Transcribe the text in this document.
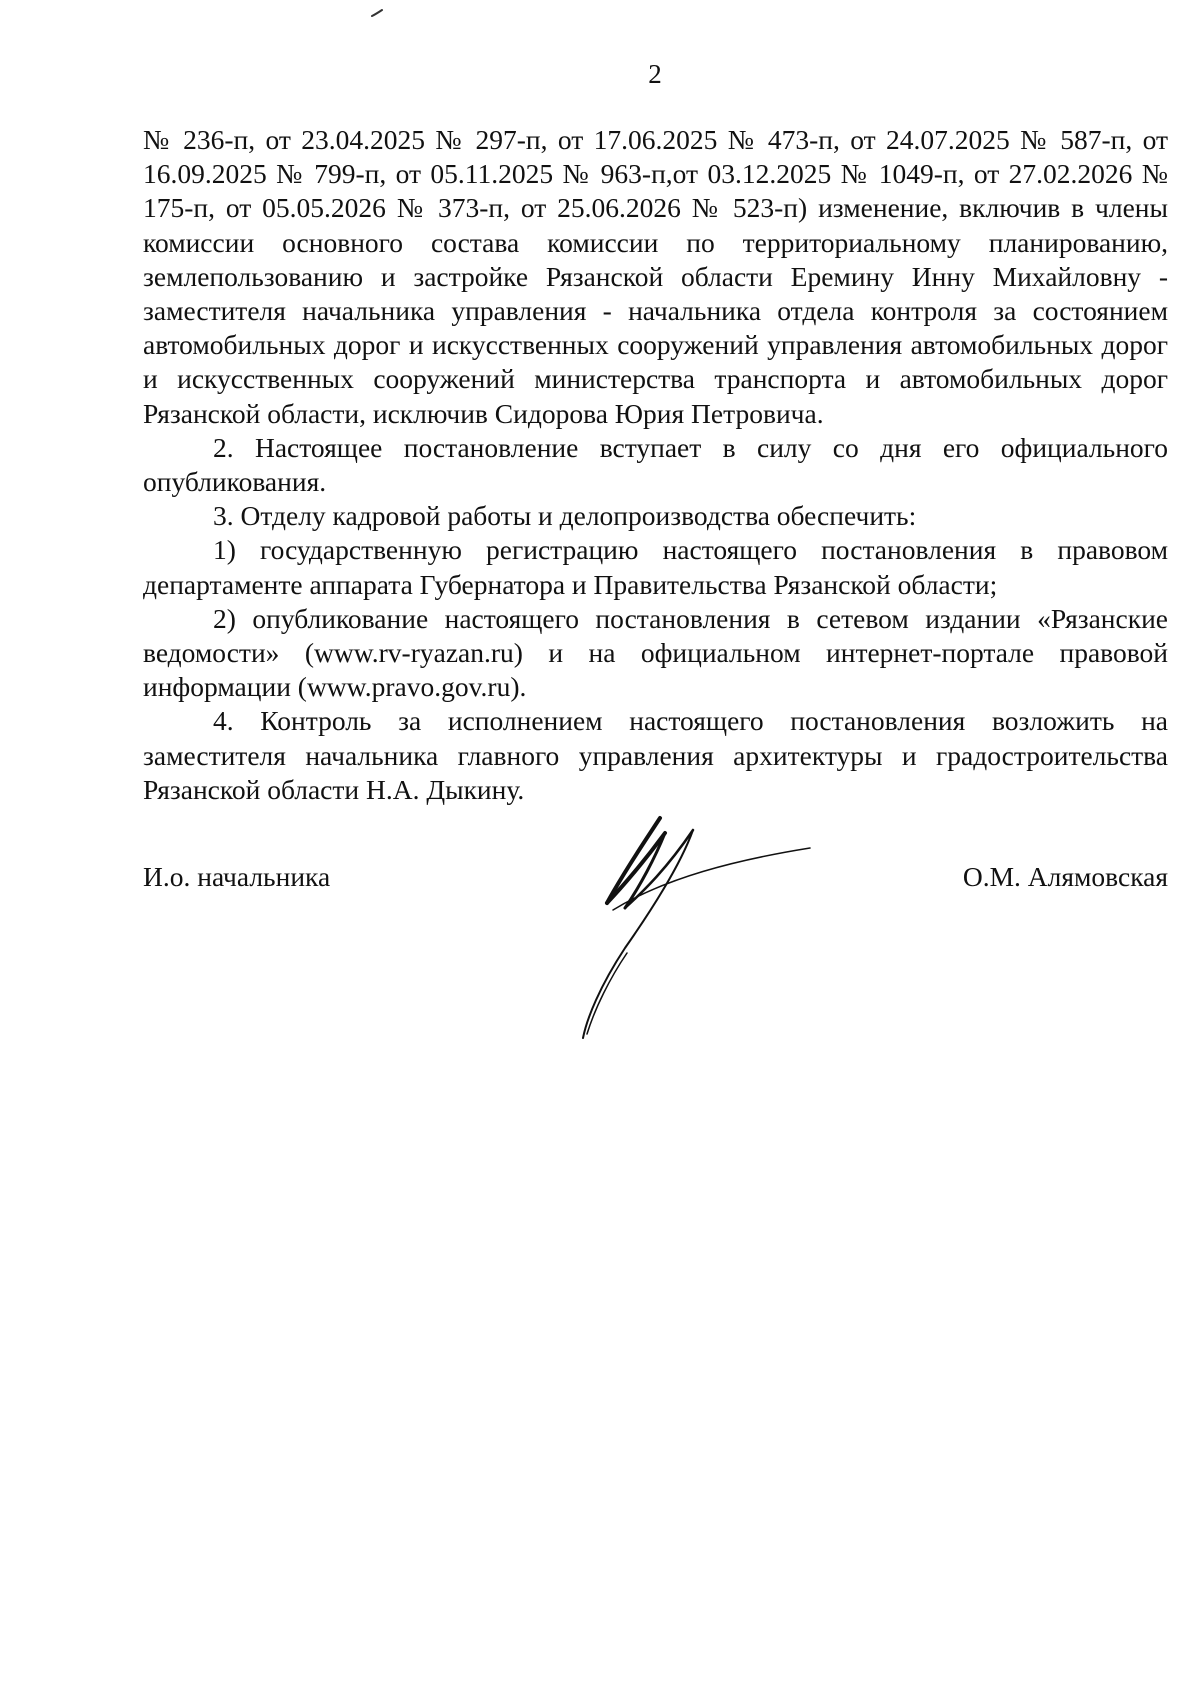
2

№ 236-п, от 23.04.2025 № 297-п, от 17.06.2025 № 473-п, от 24.07.2025 № 587-п, от 16.09.2025 № 799-п, от 05.11.2025 № 963-п,от 03.12.2025 № 1049-п, от 27.02.2026 № 175-п, от 05.05.2026 № 373-п, от 25.06.2026 № 523-п) изменение, включив в члены комиссии основного состава комиссии по территориальному планированию, землепользованию и застройке Рязанской области Еремину Инну Михайловну - заместителя начальника управления - начальника отдела контроля за состоянием автомобильных дорог и искусственных сооружений управления автомобильных дорог и искусственных сооружений министерства транспорта и автомобильных дорог Рязанской области, исключив Сидорова Юрия Петровича.

2. Настоящее постановление вступает в силу со дня его официального опубликования.

3. Отделу кадровой работы и делопроизводства обеспечить:

1) государственную регистрацию настоящего постановления в правовом департаменте аппарата Губернатора и Правительства Рязанской области;

2) опубликование настоящего постановления в сетевом издании «Рязанские ведомости» (www.rv-ryazan.ru) и на официальном интернет-портале правовой информации (www.pravo.gov.ru).

4. Контроль за исполнением настоящего постановления возложить на заместителя начальника главного управления архитектуры и градостроительства Рязанской области Н.А. Дыкину.

И.о. начальника	О.М. Алямовская
